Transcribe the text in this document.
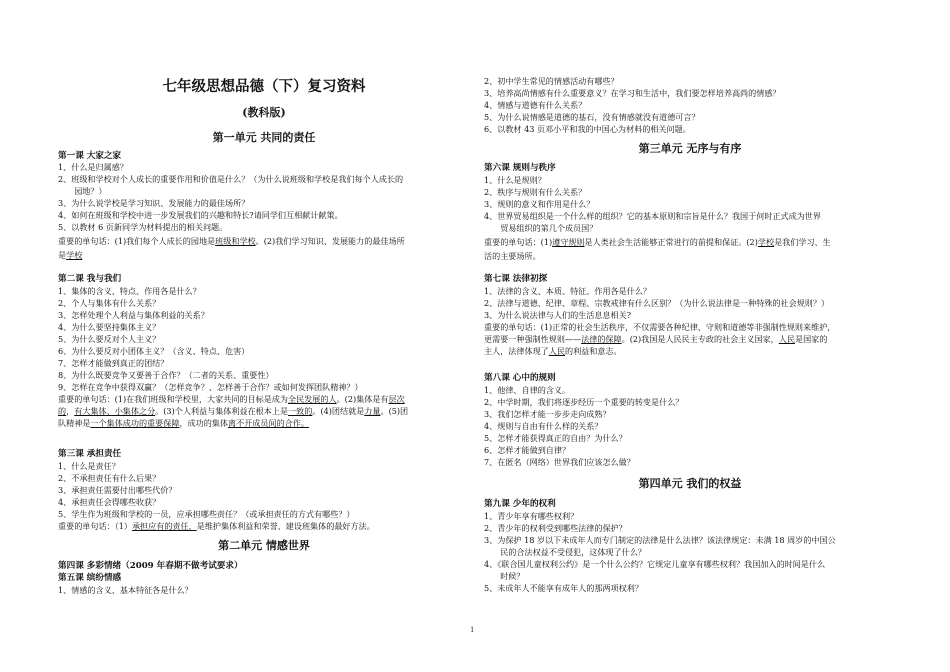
七年级思想品德（下）复习资料
(教科版)
第一单元 共同的责任
第一课 大家之家
1、什么是归属感？
2、班级和学校对个人成长的重要作用和价值是什么？（为什么说班级和学校是我们每个人成长的
　　园地？）
3、为什么说学校是学习知识、发展能力的最佳场所？
4、如何在班级和学校中进一步发展我们的兴趣和特长?请同学们互相献计献策。
5、以教材 6 页新同学为材料提出的相关问题。
重要的单句话：(1)我们每个人成长的园地是班级和学校。(2)我们学习知识、发展能力的最佳场所
是学校
第二课 我与我们
1、集体的含义、特点、作用各是什么？
2、个人与集体有什么关系？
3、怎样处理个人利益与集体利益的关系？
4、为什么要坚持集体主义？
5、为什么要反对个人主义？
6、为什么要反对小团体主义？（含义、特点、危害）
7、怎样才能做到真正的团结？
8、为什么既要竞争又要善于合作？（二者的关系、重要性）
9、怎样在竞争中获得双赢？（怎样竞争？、怎样善于合作？或如何发挥团队精神？）
重要的单句话：(1)在我们班级和学校里，大家共同的目标是成为全民发展的人。(2)集体是有层次
的，有大集体、小集体之分。(3)个人利益与集体利益在根本上是一致的。(4)团结就是力量。(5)团
队精神是一个集体成功的重要保障，成功的集体离不开成员间的合作。
第三课 承担责任
1、什么是责任？
2、不承担责任有什么后果？
3、承担责任需要付出哪些代价？
4、承担责任会得哪些收获？
5、学生作为班级和学校的一员，应承担哪些责任？（或承担责任的方式有哪些？）
重要的单句话：（1）承担应有的责任，是维护集体利益和荣誉、建设班集体的最好方法。
第二单元 情感世界
第四课 多彩情绪（2009 年春期不做考试要求）
第五课 缤纷情感
1、情感的含义、基本特征各是什么？
2、初中学生常见的情感活动有哪些？
3、培养高尚情感有什么重要意义？在学习和生活中，我们要怎样培养高尚的情感？
4、情感与道德有什么关系？
5、为什么说情感是道德的基石，没有情感就没有道德可言？
6、以教材 43 页邓小平和我的中国心为材料的相关问题。
第三单元 无序与有序
第六课 规则与秩序
1、什么是规则？
2、秩序与规则有什么关系？
3、规则的意义和作用是什么？
4、世界贸易组织是一个什么样的组织？它的基本原则和宗旨是什么？我国于何时正式成为世界
　　贸易组织的第几个成员国？
重要的单句话：(1)遵守规则是人类社会生活能够正常进行的前提和保证。(2)学校是我们学习、生
活的主要场所。
第七课 法律初探
1、法律的含义、本质、特征、作用各是什么？
2、法律与道德、纪律、章程、宗教戒律有什么区别？（为什么说法律是一种特殊的社会规则？）
3、为什么说法律与人们的生活息息相关?
重要的单句话：(1)正常的社会生活秩序，不仅需要各种纪律、守则和道德等非强制性规则来维护，
更需要一种强制性规则——法律的保障。(2)我国是人民民主专政的社会主义国家，人民是国家的
主人，法律体现了人民的利益和意志。
第八课 心中的规则
1、他律、自律的含义。
2、中学时期，我们将逐步经历一个重要的转变是什么？
3、我们怎样才能一步步走向成熟？
4、规则与自由有什么样的关系？
5、怎样才能获得真正的自由？为什么？
6、怎样才能做到自律？
7、在匿名（网络）世界我们应该怎么做？
第四单元 我们的权益
第九课 少年的权利
1、青少年享有哪些权利？
2、青少年的权利受到哪些法律的保护？
3、为保护 18 岁以下未成年人而专门制定的法律是什么法律？该法律规定：未满 18 周岁的中国公
　　民的合法权益不受侵犯，这体现了什么？
4、《联合国儿童权利公约》是一个什么公约？它规定儿童享有哪些权利？我国加入的时间是什么
　　时候？
5、未成年人不能享有成年人的那两项权利？
1
